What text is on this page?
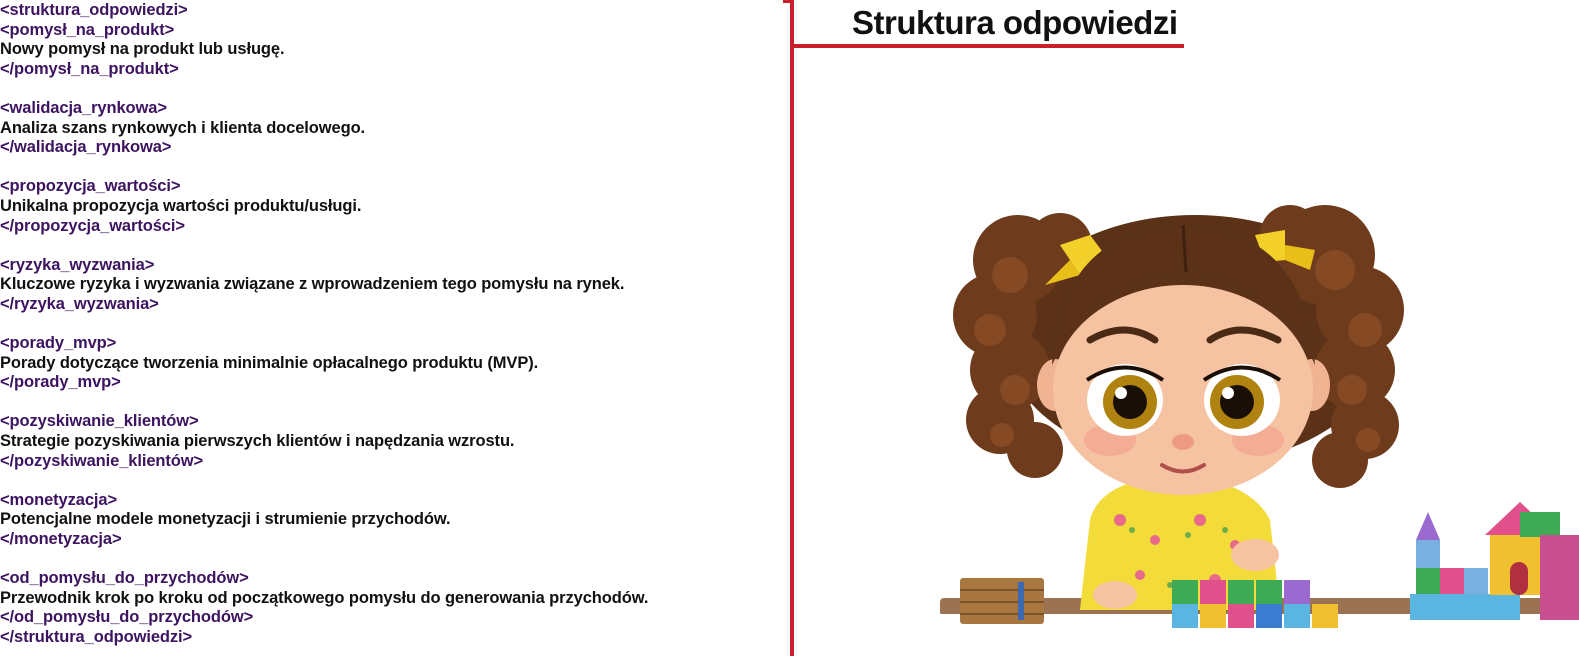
<struktura_odpowiedzi>
<pomysł_na_produkt>
Nowy pomysł na produkt lub usługę.
</pomysł_na_produkt>
<walidacja_rynkowa>
Analiza szans rynkowych i klienta docelowego.
</walidacja_rynkowa>
<propozycja_wartości>
Unikalna propozycja wartości produktu/usługi.
</propozycja_wartości>
<ryzyka_wyzwania>
Kluczowe ryzyka i wyzwania związane z wprowadzeniem tego pomysłu na rynek.
</ryzyka_wyzwania>
<porady_mvp>
Porady dotyczące tworzenia minimalnie opłacalnego produktu (MVP).
</porady_mvp>
<pozyskiwanie_klientów>
Strategie pozyskiwania pierwszych klientów i napędzania wzrostu.
</pozyskiwanie_klientów>
<monetyzacja>
Potencjalne modele monetyzacji i strumienie przychodów.
</monetyzacja>
<od_pomysłu_do_przychodów>
Przewodnik krok po kroku od początkowego pomysłu do generowania przychodów.
</od_pomysłu_do_przychodów>
</struktura_odpowiedzi>
Struktura odpowiedzi
